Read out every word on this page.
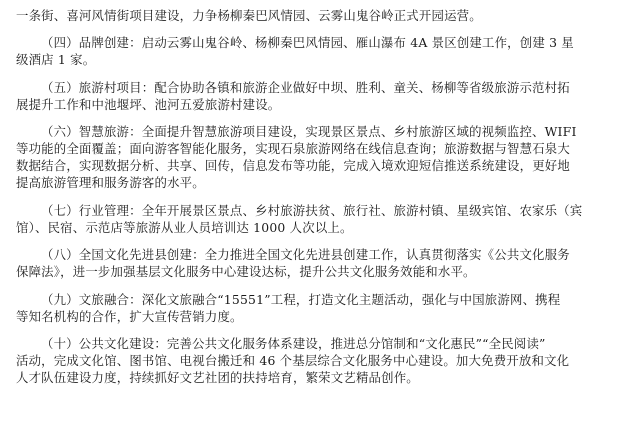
一条街、喜河风情街项目建设，力争杨柳秦巴风情园、云雾山鬼谷岭正式开园运营。
（四）品牌创建：启动云雾山鬼谷岭、杨柳秦巴风情园、雁山瀑布 4A 景区创建工作，创建 3 星
级酒店 1 家。
（五）旅游村项目：配合协助各镇和旅游企业做好中坝、胜利、童关、杨柳等省级旅游示范村拓
展提升工作和中池堰坪、池河五爱旅游村建设。
（六）智慧旅游：全面提升智慧旅游项目建设，实现景区景点、乡村旅游区域的视频监控、WIFI
等功能的全面覆盖；面向游客智能化服务，实现石泉旅游网络在线信息查询；旅游数据与智慧石泉大
数据结合，实现数据分析、共享、回传，信息发布等功能，完成入境欢迎短信推送系统建设，更好地
提高旅游管理和服务游客的水平。
（七）行业管理：全年开展景区景点、乡村旅游扶贫、旅行社、旅游村镇、星级宾馆、农家乐（宾
馆）、民宿、示范店等旅游从业人员培训达 1000 人次以上。
（八）全国文化先进县创建：全力推进全国文化先进县创建工作，认真贯彻落实《公共文化服务
保障法》，进一步加强基层文化服务中心建设达标，提升公共文化服务效能和水平。
（九）文旅融合：深化文旅融合“15551”工程，打造文化主题活动，强化与中国旅游网、携程
等知名机构的合作，扩大宣传营销力度。
（十）公共文化建设：完善公共文化服务体系建设，推进总分馆制和“文化惠民”“全民阅读”
活动，完成文化馆、图书馆、电视台搬迁和 46 个基层综合文化服务中心建设。加大免费开放和文化
人才队伍建设力度，持续抓好文艺社团的扶持培育，繁荣文艺精品创作。
